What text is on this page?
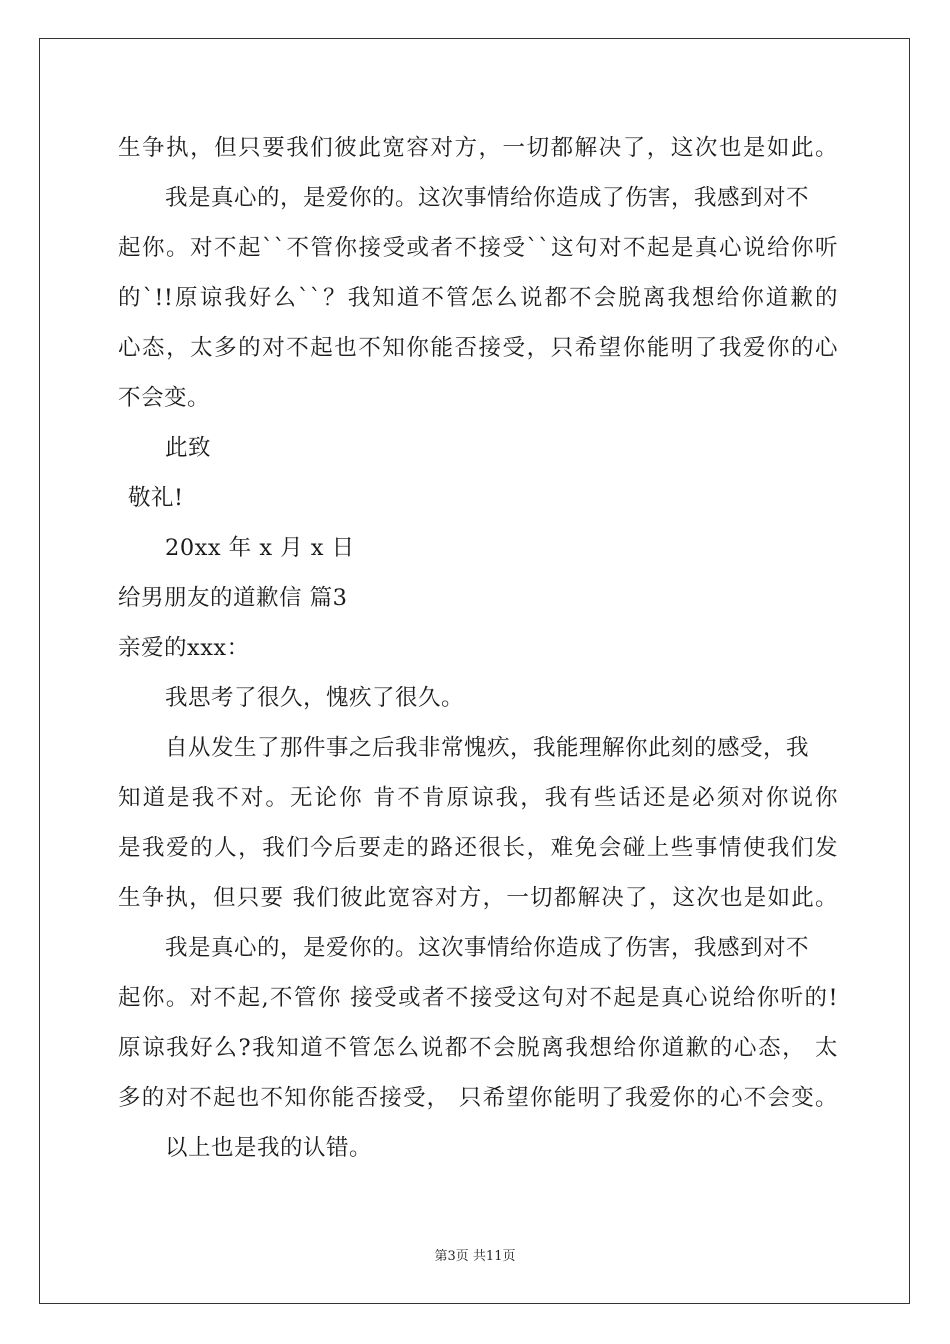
生争执，但只要我们彼此宽容对方，一切都解决了，这次也是如此。
我是真心的，是爱你的。这次事情给你造成了伤害，我感到对不
起你。对不起``不管你接受或者不接受``这句对不起是真心说给你听
的`!!原谅我好么``？我知道不管怎么说都不会脱离我想给你道歉的
心态，太多的对不起也不知你能否接受，只希望你能明了我爱你的心
不会变。
此致
敬礼!
20xx 年 x 月 x 日
给男朋友的道歉信 篇3
亲爱的xxx：
我思考了很久，愧疚了很久。
自从发生了那件事之后我非常愧疚，我能理解你此刻的感受，我
知道是我不对。无论你 肯不肯原谅我，我有些话还是必须对你说你
是我爱的人，我们今后要走的路还很长，难免会碰上些事情使我们发
生争执，但只要 我们彼此宽容对方，一切都解决了，这次也是如此。
我是真心的，是爱你的。这次事情给你造成了伤害，我感到对不
起你。对不起,不管你 接受或者不接受这句对不起是真心说给你听的!
原谅我好么?我知道不管怎么说都不会脱离我想给你道歉的心态， 太
多的对不起也不知你能否接受， 只希望你能明了我爱你的心不会变。
以上也是我的认错。
第3页 共11页
